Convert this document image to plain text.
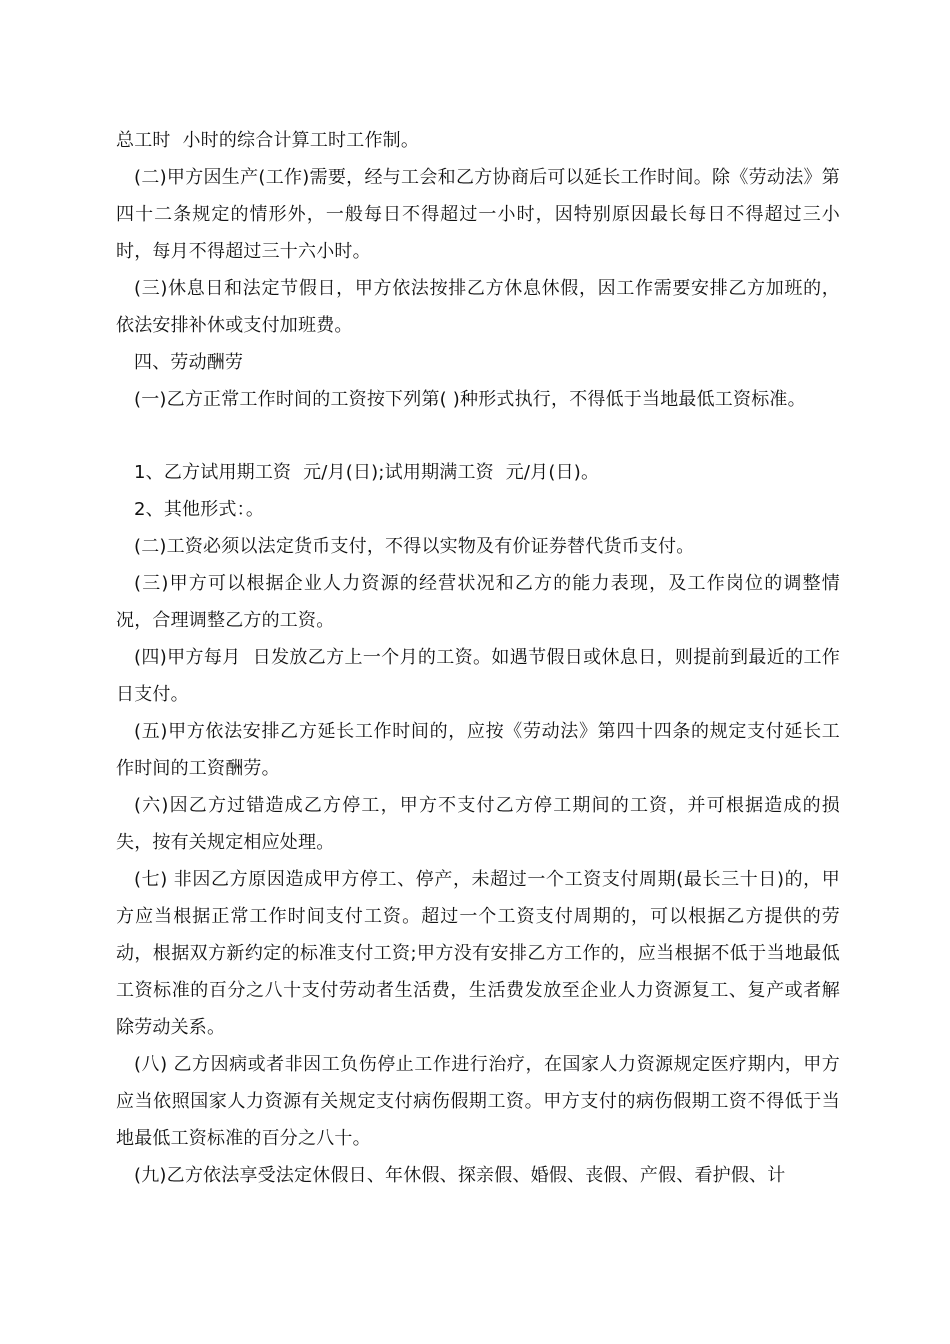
总工时  小时的综合计算工时工作制。

(二)甲方因生产(工作)需要，经与工会和乙方协商后可以延长工作时间。除《劳动法》第四十二条规定的情形外，一般每日不得超过一小时，因特别原因最长每日不得超过三小时，每月不得超过三十六小时。

(三)休息日和法定节假日，甲方依法按排乙方休息休假，因工作需要安排乙方加班的，依法安排补休或支付加班费。

四、劳动酬劳

(一)乙方正常工作时间的工资按下列第( )种形式执行，不得低于当地最低工资标准。

1、乙方试用期工资  元/月(日);试用期满工资  元/月(日)。

2、其他形式：。

(二)工资必须以法定货币支付，不得以实物及有价证券替代货币支付。

(三)甲方可以根据企业人力资源的经营状况和乙方的能力表现，及工作岗位的调整情况，合理调整乙方的工资。

(四)甲方每月  日发放乙方上一个月的工资。如遇节假日或休息日，则提前到最近的工作日支付。

(五)甲方依法安排乙方延长工作时间的，应按《劳动法》第四十四条的规定支付延长工作时间的工资酬劳。

(六)因乙方过错造成乙方停工，甲方不支付乙方停工期间的工资，并可根据造成的损失，按有关规定相应处理。

(七) 非因乙方原因造成甲方停工、停产，未超过一个工资支付周期(最长三十日)的，甲方应当根据正常工作时间支付工资。超过一个工资支付周期的，可以根据乙方提供的劳动，根据双方新约定的标准支付工资;甲方没有安排乙方工作的，应当根据不低于当地最低工资标准的百分之八十支付劳动者生活费，生活费发放至企业人力资源复工、复产或者解除劳动关系。

(八) 乙方因病或者非因工负伤停止工作进行治疗，在国家人力资源规定医疗期内，甲方应当依照国家人力资源有关规定支付病伤假期工资。甲方支付的病伤假期工资不得低于当地最低工资标准的百分之八十。

(九)乙方依法享受法定休假日、年休假、探亲假、婚假、丧假、产假、看护假、计
